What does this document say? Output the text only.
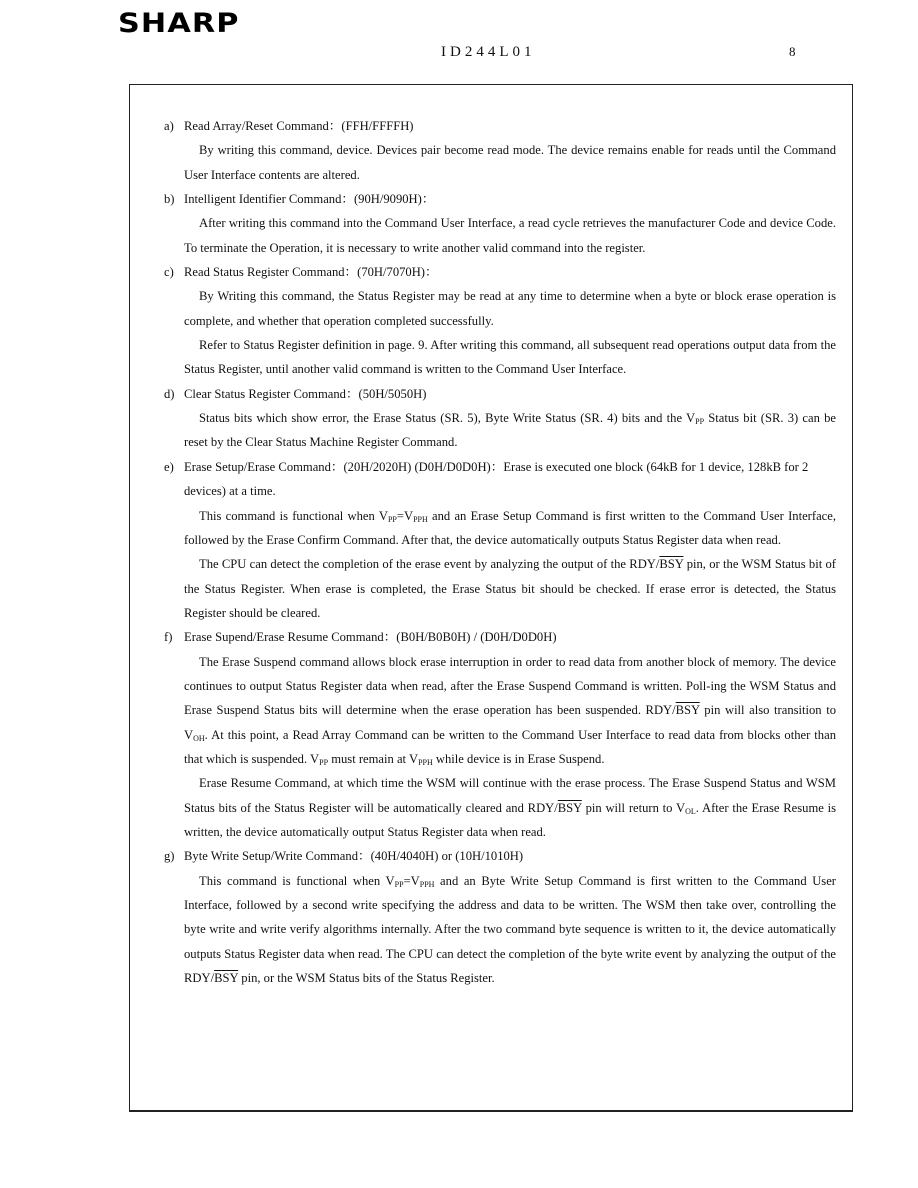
SHARP
ID244L01	8

a) Read Array/Reset Command：(FFH/FFFFH)

By writing this command, device. Devices pair become read mode. The device remains enable for reads until the Command User Interface contents are altered.

b) Intelligent Identifier Command：(90H/9090H)：

After writing this command into the Command User Interface, a read cycle retrieves the manufacturer Code and device Code. To terminate the Operation, it is necessary to write another valid command into the register.

c) Read Status Register Command：(70H/7070H)：

By Writing this command, the Status Register may be read at any time to determine when a byte or block erase operation is complete, and whether that operation completed successfully.

Refer to Status Register definition in page. 9. After writing this command, all subsequent read operations output data from the Status Register, until another valid command is written to the Command User Interface.

d) Clear Status Register Command：(50H/5050H)

Status bits which show error, the Erase Status (SR. 5), Byte Write Status (SR. 4) bits and the $V_{PP}$ Status bit (SR. 3) can be reset by the Clear Status Machine Register Command.

e) Erase Setup/Erase Command：(20H/2020H) (D0H/D0D0H)：Erase is executed one block (64kB for 1 device, 128kB for 2 devices) at a time.

This command is functional when $V_{PP}=V_{PPH}$ and an Erase Setup Command is first written to the Command User Interface, followed by the Erase Confirm Command. After that, the device automatically outputs Status Register data when read.

The CPU can detect the completion of the erase event by analyzing the output of the RDY/$\overline{BSY}$ pin, or the WSM Status bit of the Status Register. When erase is completed, the Erase Status bit should be checked. If erase error is detected, the Status Register should be cleared.

f) Erase Supend/Erase Resume Command：(B0H/B0B0H) / (D0H/D0D0H)

The Erase Suspend command allows block erase interruption in order to read data from another block of memory. The device continues to output Status Register data when read, after the Erase Suspend Command is written. Poll-ing the WSM Status and Erase Suspend Status bits will determine when the erase operation has been suspended. RDY/$\overline{BSY}$ pin will also transition to $V_{OH}$. At this point, a Read Array Command can be written to the Command User Interface to read data from blocks other than that which is suspended. $V_{PP}$ must remain at $V_{PPH}$ while device is in Erase Suspend.

Erase Resume Command, at which time the WSM will continue with the erase process. The Erase Suspend Status and WSM Status bits of the Status Register will be automatically cleared and RDY/$\overline{BSY}$ pin will return to $V_{OL}$. After the Erase Resume is written, the device automatically output Status Register data when read.

g) Byte Write Setup/Write Command：(40H/4040H) or (10H/1010H)

This command is functional when $V_{PP}=V_{PPH}$ and an Byte Write Setup Command is first written to the Command User Interface, followed by a second write specifying the address and data to be written. The WSM then take over, controlling the byte write and write verify algorithms internally. After the two command byte sequence is written to it, the device automatically outputs Status Register data when read. The CPU can detect the completion of the byte write event by analyzing the output of the RDY/$\overline{BSY}$ pin, or the WSM Status bits of the Status Register.
